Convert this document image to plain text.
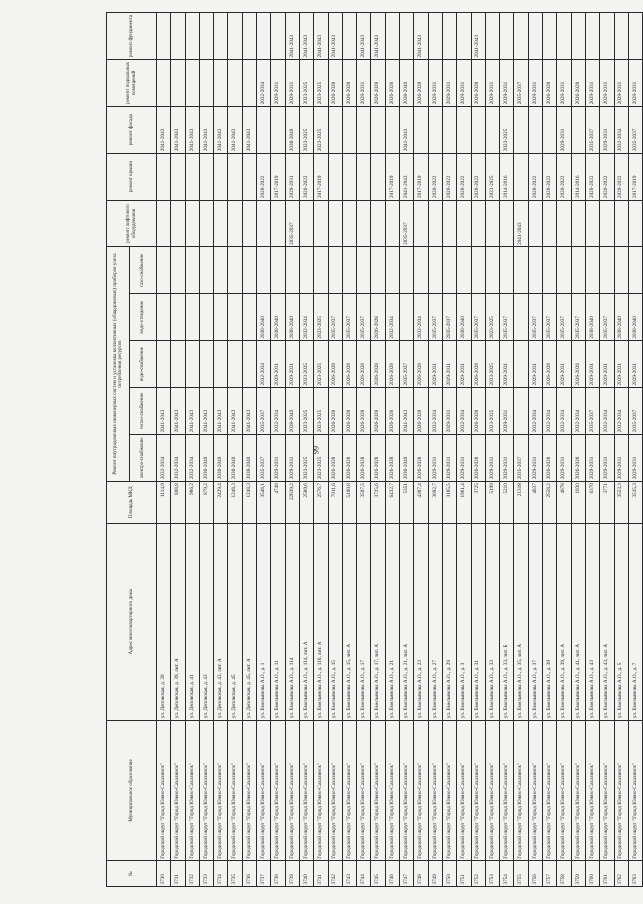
99
№	Муниципальное образование	Адрес многоквартирного дома	Площадь МКД	Ремонт внутридомовых инженерных систем и установка коллективных (общедомовых) приборов учета потребления ресурсов					ремонт лифтового оборудования	ремонт крыши	ремонт фасада	ремонт подвальных помещений	ремонт фундамента
				электро-снабжение	тепло-снабжение	водо-снабжение	водо-отведение	газо-снабжение					
3730	Городской округ "Город Южно-Сахалинск"	ул. Деповская, д. 39	1114,9	2032-2034	2041-2043						2041-2043		
3731	Городской округ "Город Южно-Сахалинск"	ул. Деповская, д. 39, лит. А	808,8	2032-2034	2041-2043						2041-2043		
3732	Городской округ "Город Южно-Сахалинск"	ул. Деповская, д. 41	986,2	2032-2034	2041-2043						2041-2043		
3733	Городской округ "Город Южно-Сахалинск"	ул. Деповская, д. 43	879,2	2038-2040	2041-2043						2041-2043		
3734	Городской округ "Город Южно-Сахалинск"	ул. Деповская, д. 43, лит. А	2429,4	2038-2040	2041-2043						2041-2043		
3735	Городской округ "Город Южно-Сахалинск"	ул. Деповская, д. 45	1248,3	2038-2040	2041-2043						2041-2043		
3736	Городской округ "Город Южно-Сахалинск"	ул. Деповская, д. 45, лит. А	1248,3	2038-2040	2041-2043						2041-2043		
3737	Городской округ "Город Южно-Сахалинск"	ул. Емельянова А.О., д. 1	3546,1	2035-2037	2035-2037	2032-2034	2038-2040			2020-2022		2032-2034	
3738	Городской округ "Город Южно-Сахалинск"	ул. Емельянова А.О., д. 11	4748	2029-2031	2032-2034	2029-2031	2038-2040			2017-2019		2029-2031	
3739	Городской округ "Город Южно-Сахалинск"	ул. Емельянова А.О., д. 114	22839,2	2029-2031	2038-2040	2029-2031	2038-2040		2035-2037	2029-2031	2038-2040	2029-2031	2041-2043
3740	Городской округ "Город Южно-Сахалинск"	ул. Емельянова А.О., д. 114, лит. А	2589,6	2023-2025	2023-2025	2023-2025	2032-2034			2020-2022	2023-2025	2023-2025	2041-2043
3741	Городской округ "Город Южно-Сахалинск"	ул. Емельянова А.О., д. 116, лит. А	2576,7	2023-2025	2023-2025	2023-2025	2023-2025			2017-2019	2023-2025	2023-2025	2041-2043
3742	Городской округ "Город Южно-Сахалинск"	ул. Емельянова А.О., д. 15	7011,6	2026-2028	2026-2028	2026-2028	2035-2037					2026-2028	2041-2043
3743	Городской округ "Город Южно-Сахалинск"	ул. Емельянова А.О., д. 15, лит. А	5190,8	2026-2028	2026-2028	2026-2028	2035-2037					2026-2028	
3744	Городской округ "Город Южно-Сахалинск"	ул. Емельянова А.О., д. 17	3597,5	2026-2028	2026-2028	2026-2028	2035-2037					2029-2031	2041-2043
3745	Городской округ "Город Южно-Сахалинск"	ул. Емельянова А.О., д. 17, лит. А	3725,6	2026-2028	2026-2028	2026-2028	2026-2028					2026-2028	2041-2043
3746	Городской округ "Город Южно-Сахалинск"	ул. Емельянова А.О., д. 21	6432,7	2026-2028	2026-2028	2026-2028	2032-2034			2017-2019		2026-2028	
3747	Городской округ "Город Южно-Сахалинск"	ул. Емельянова А.О., д. 21, лит. А	5351	2038-2040	2041-2043	2035-2037			2035-2037	2041-2043	2041-2043	2038-2040	
3748	Городской округ "Город Южно-Сахалинск"	ул. Емельянова А.О., д. 23	4387,4	2026-2028	2026-2028	2026-2028	2032-2034			2017-2019		2026-2028	2041-2043
3749	Городской округ "Город Южно-Сахалинск"	ул. Емельянова А.О., д. 27	3692,7	2029-2031	2032-2034	2029-2031	2035-2037			2020-2022		2029-2031	
3750	Городской округ "Город Южно-Сахалинск"	ул. Емельянова А.О., д. 29	3185,5	2029-2031	2029-2031	2029-2031	2035-2037			2020-2022		2029-2031	
3751	Городской округ "Город Южно-Сахалинск"	ул. Емельянова А.О., д. 3	1961,4	2029-2031	2032-2034	2029-2031	2038-2040			2020-2022		2029-2031	
3752	Городской округ "Город Южно-Сахалинск"	ул. Емельянова А.О., д. 31	3725	2026-2028	2026-2028	2026-2028	2035-2037			2020-2022		2026-2028	2041-2043
3753	Городской округ "Город Южно-Сахалинск"	ул. Емельянова А.О., д. 33	5199	2029-2031	2023-2025	2023-2025	2023-2025			2023-2025		2029-2031	
3754	Городской округ "Город Южно-Сахалинск"	ул. Емельянова А.О., д. 33, лит. Б	5210	2029-2031	2029-2031	2029-2031	2035-2037			2014-2016	2023-2025	2029-2031	
3755	Городской округ "Город Южно-Сахалинск"	ул. Емельянова А.О., д. 35, лит. А	21318	2035-2037					2041-2043			2035-2037	
3756	Городской округ "Город Южно-Сахалинск"	ул. Емельянова А.О., д. 37	4837	2029-2031	2032-2034	2029-2031	2035-2037			2020-2022		2029-2031	
3757	Городской округ "Город Южно-Сахалинск"	ул. Емельянова А.О., д. 39	2558,2	2026-2028	2032-2034	2026-2028	2035-2037			2020-2022		2026-2028	
3758	Городской округ "Город Южно-Сахалинск"	ул. Емельянова А.О., д. 39, лит. А	4678	2029-2031	2032-2034	2029-2031	2035-2037			2020-2022	2029-2031	2029-2031	
3759	Городской округ "Город Южно-Сахалинск"	ул. Емельянова А.О., д. 41, лит. А	1930	2026-2028	2032-2034	2026-2028	2035-2037			2014-2016		2026-2028	
3760	Городской округ "Город Южно-Сахалинск"	ул. Емельянова А.О., д. 43	6370	2029-2031	2035-2037	2029-2031	2038-2040			2020-2022	2035-2037	2029-2031	
3761	Городской округ "Город Южно-Сахалинск"	ул. Емельянова А.О., д. 43, лит. А	3771	2029-2031	2032-2034	2029-2031	2035-2037			2020-2022	2029-2031	2029-2031	
3762	Городской округ "Город Южно-Сахалинск"	ул. Емельянова А.О., д. 5	3553,3	2029-2031	2032-2034	2029-2031	2038-2040			2020-2022	2032-2034	2029-2031	
3763	Городской округ "Город Южно-Сахалинск"	ул. Емельянова А.О., д. 7	3535,3	2029-2031	2035-2037	2029-2031	2038-2040			2017-2019	2035-2037	2029-2031	
